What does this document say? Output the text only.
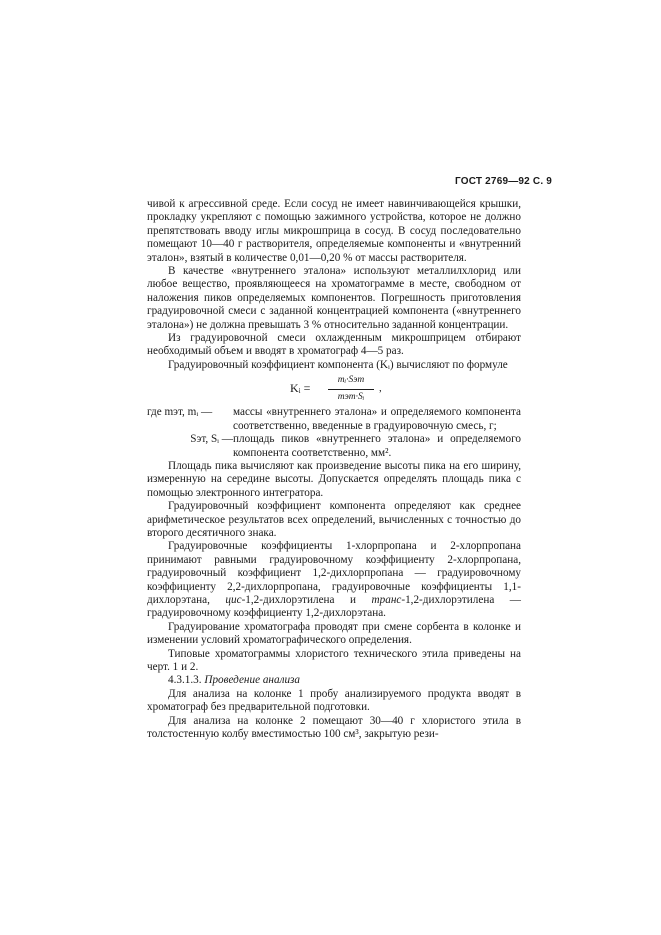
ГОСТ 2769—92 С. 9

чивой к агрессивной среде. Если сосуд не имеет навинчивающейся крышки, прокладку укрепляют с помощью зажимного устройства, которое не должно препятствовать вводу иглы микрошприца в сосуд. В сосуд последовательно помещают 10—40 г растворителя, определяемые компоненты и «внутренний эталон», взятый в количестве 0,01—0,20 % от массы растворителя.

В качестве «внутреннего эталона» используют металлилхлорид или любое вещество, проявляющееся на хроматограмме в месте, свободном от наложения пиков определяемых компонентов. Погрешность приготовления градуировочной смеси с заданной концентрацией компонента («внутреннего эталона») не должна превышать 3 % относительно заданной концентрации.

Из градуировочной смеси охлажденным микрошприцем отбирают необходимый объем и вводят в хроматограф 4—5 раз.

Градуировочный коэффициент компонента (Kᵢ) вычисляют по формуле

Kᵢ =
mᵢ·Sэт
mэт·Sᵢ
,
где mэт, mᵢ —	массы «внутреннего эталона» и определяемого компонента соответственно, введенные в градуировочную смесь, г;
Sэт, Sᵢ — площадь пиков «внутреннего эталона» и определяемого компонента соответственно, мм².

Площадь пика вычисляют как произведение высоты пика на его ширину, измеренную на середине высоты. Допускается определять площадь пика с помощью электронного интегратора.

Градуировочный коэффициент компонента определяют как среднее арифметическое результатов всех определений, вычисленных с точностью до второго десятичного знака.

Градуировочные коэффициенты 1-хлорпропана и 2-хлорпропана принимают равными градуировочному коэффициенту 2-хлорпропана, градуировочный коэффициент 1,2-дихлорпропана — градуировочному коэффициенту 2,2-дихлорпропана, градуировочные коэффициенты 1,1-дихлорэтана, цис-1,2-дихлорэтилена и транс-1,2-дихлорэтилена — градуировочному коэффициенту 1,2-дихлорэтана.

Градуирование хроматографа проводят при смене сорбента в колонке и изменении условий хроматографического определения.

Типовые хроматограммы хлористого технического этила приведены на черт. 1 и 2.

4.3.1.3. Проведение анализа

Для анализа на колонке 1 пробу анализируемого продукта вводят в хроматограф без предварительной подготовки.

Для анализа на колонке 2 помещают 30—40 г хлористого этила в толстостенную колбу вместимостью 100 см³, закрытую рези-
